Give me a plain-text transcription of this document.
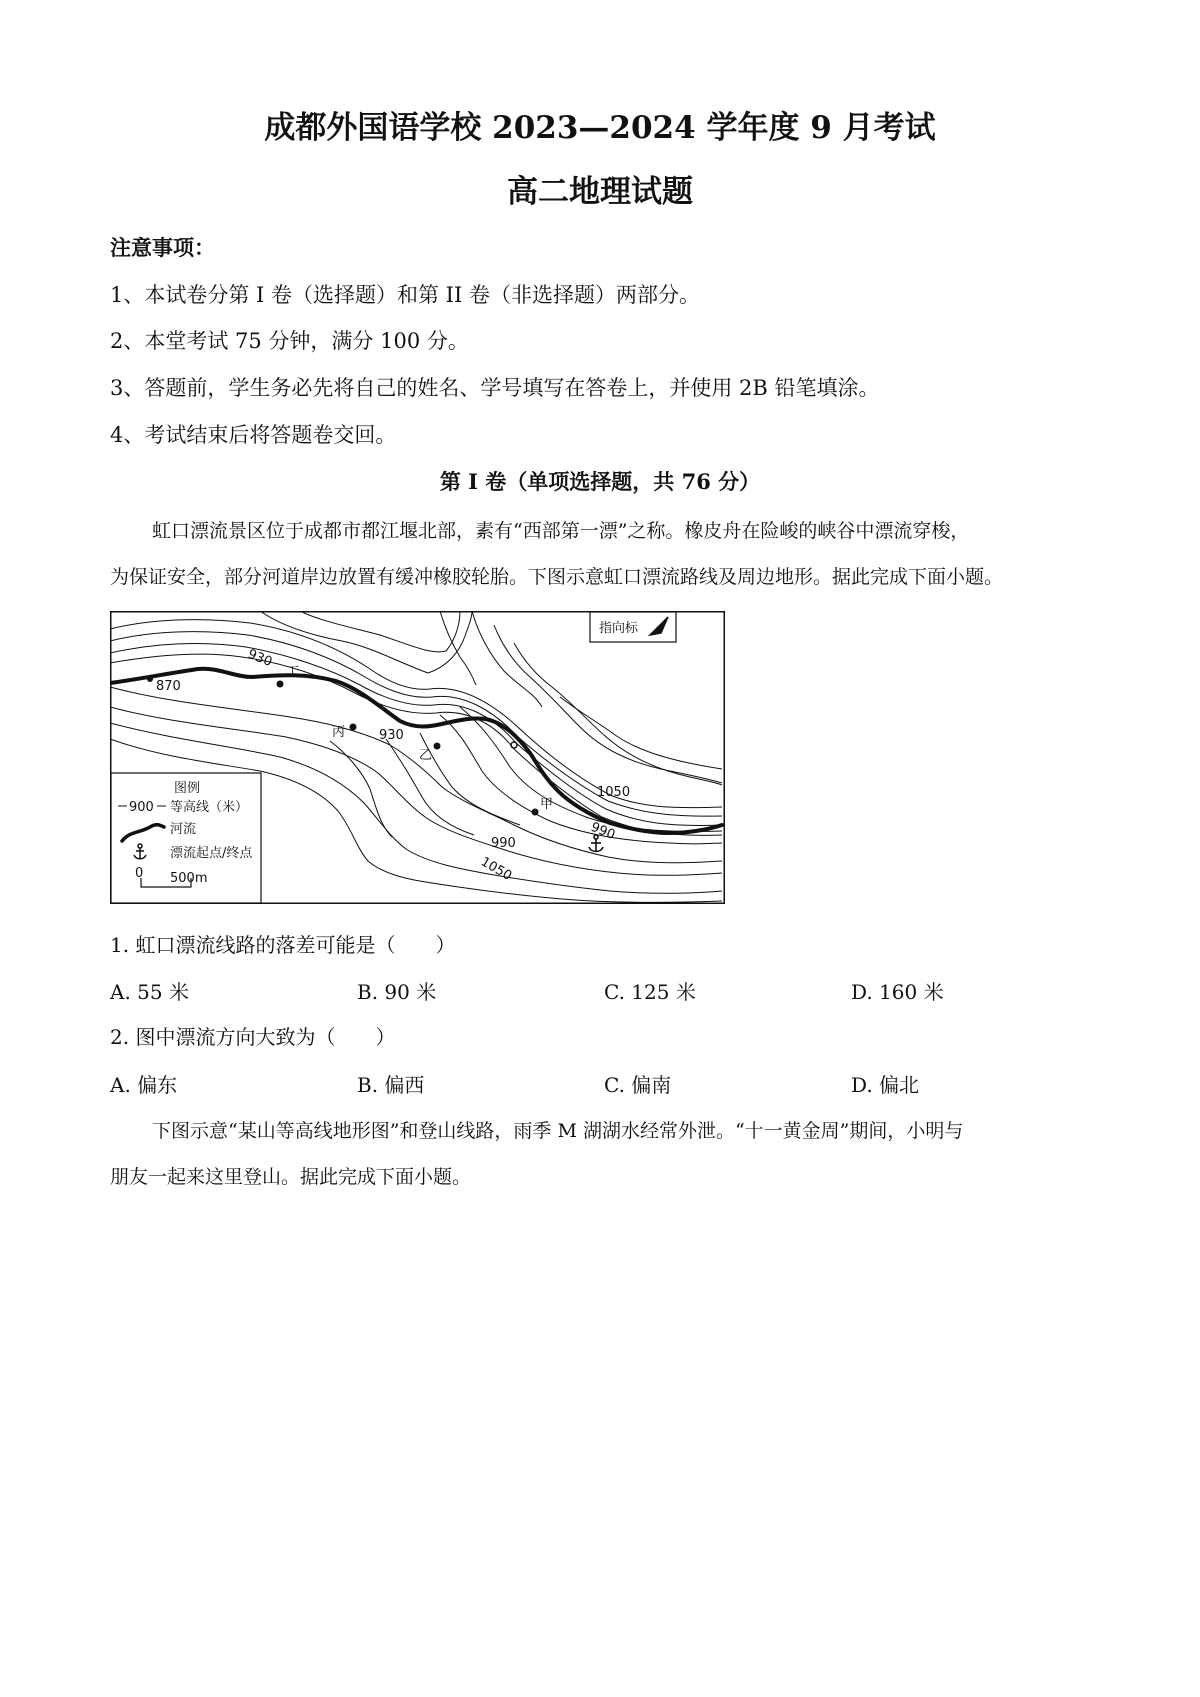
成都外国语学校 2023—2024 学年度 9 月考试
高二地理试题
注意事项：
1、本试卷分第 I 卷（选择题）和第 II 卷（非选择题）两部分。
2、本堂考试 75 分钟，满分 100 分。
3、答题前，学生务必先将自己的姓名、学号填写在答卷上，并使用 2B 铅笔填涂。
4、考试结束后将答题卷交回。
第 I 卷（单项选择题，共 76 分）
虹口漂流景区位于成都市都江堰北部，素有“西部第一漂”之称。橡皮舟在险峻的峡谷中漂流穿梭，
为保证安全，部分河道岸边放置有缓冲橡胶轮胎。下图示意虹口漂流路线及周边地形。据此完成下面小题。
930
870
930
1050
990
990
1050
丁
丙
乙
甲
指向标
图例
900 等高线（米）
河流
漂流起点/终点
0 500m
1. 虹口漂流线路的落差可能是（　　）
A. 55 米	B. 90 米	C. 125 米	D. 160 米
2. 图中漂流方向大致为（　　）
A. 偏东	B. 偏西	C. 偏南	D. 偏北
下图示意“某山等高线地形图”和登山线路，雨季 M 湖湖水经常外泄。“十一黄金周”期间，小明与
朋友一起来这里登山。据此完成下面小题。
